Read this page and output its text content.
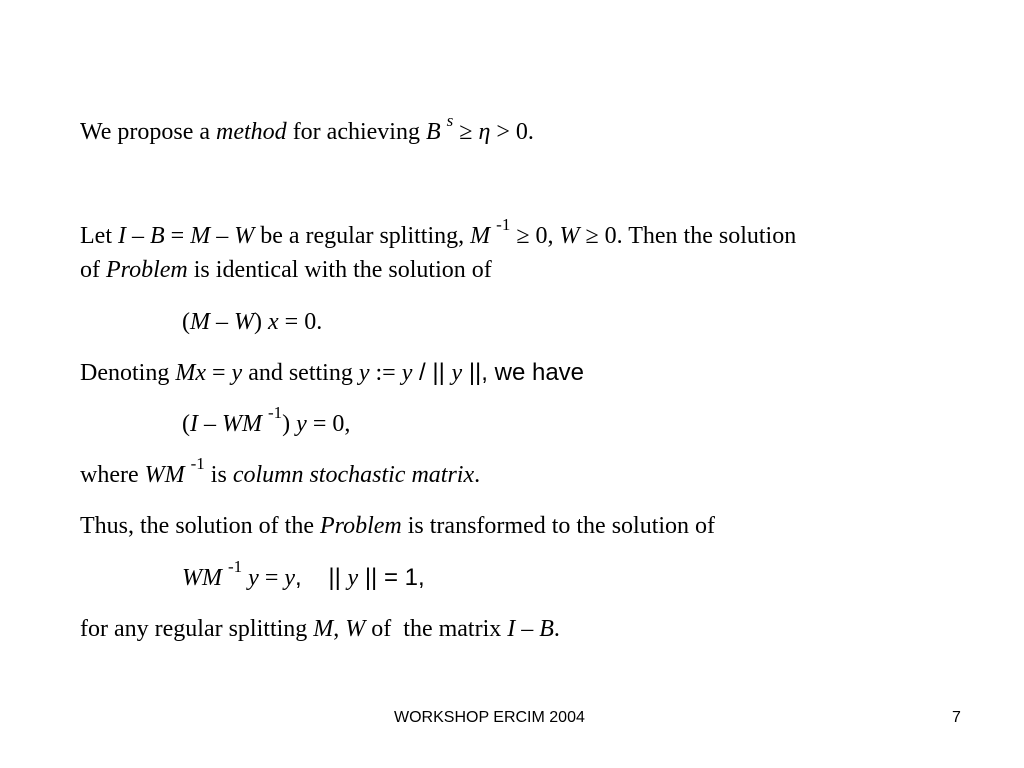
We propose a method for achieving B $^s$ ≥ η > 0.
Let I – B = M – W be a regular splitting, M $^{-1}$ ≥ 0, W ≥ 0. Then the solution
of Problem is identical with the solution of
(M – W) x = 0.
Denoting Mx = y and setting y := y / || y ||, we have
(I – WM $^{-1}$) y = 0,
where WM $^{-1}$ is column stochastic matrix.
Thus, the solution of the Problem is transformed to the solution of
WM $^{-1}$ y = y,    || y || = 1,
for any regular splitting M, W of  the matrix I – B.
WORKSHOP ERCIM 2004	7
